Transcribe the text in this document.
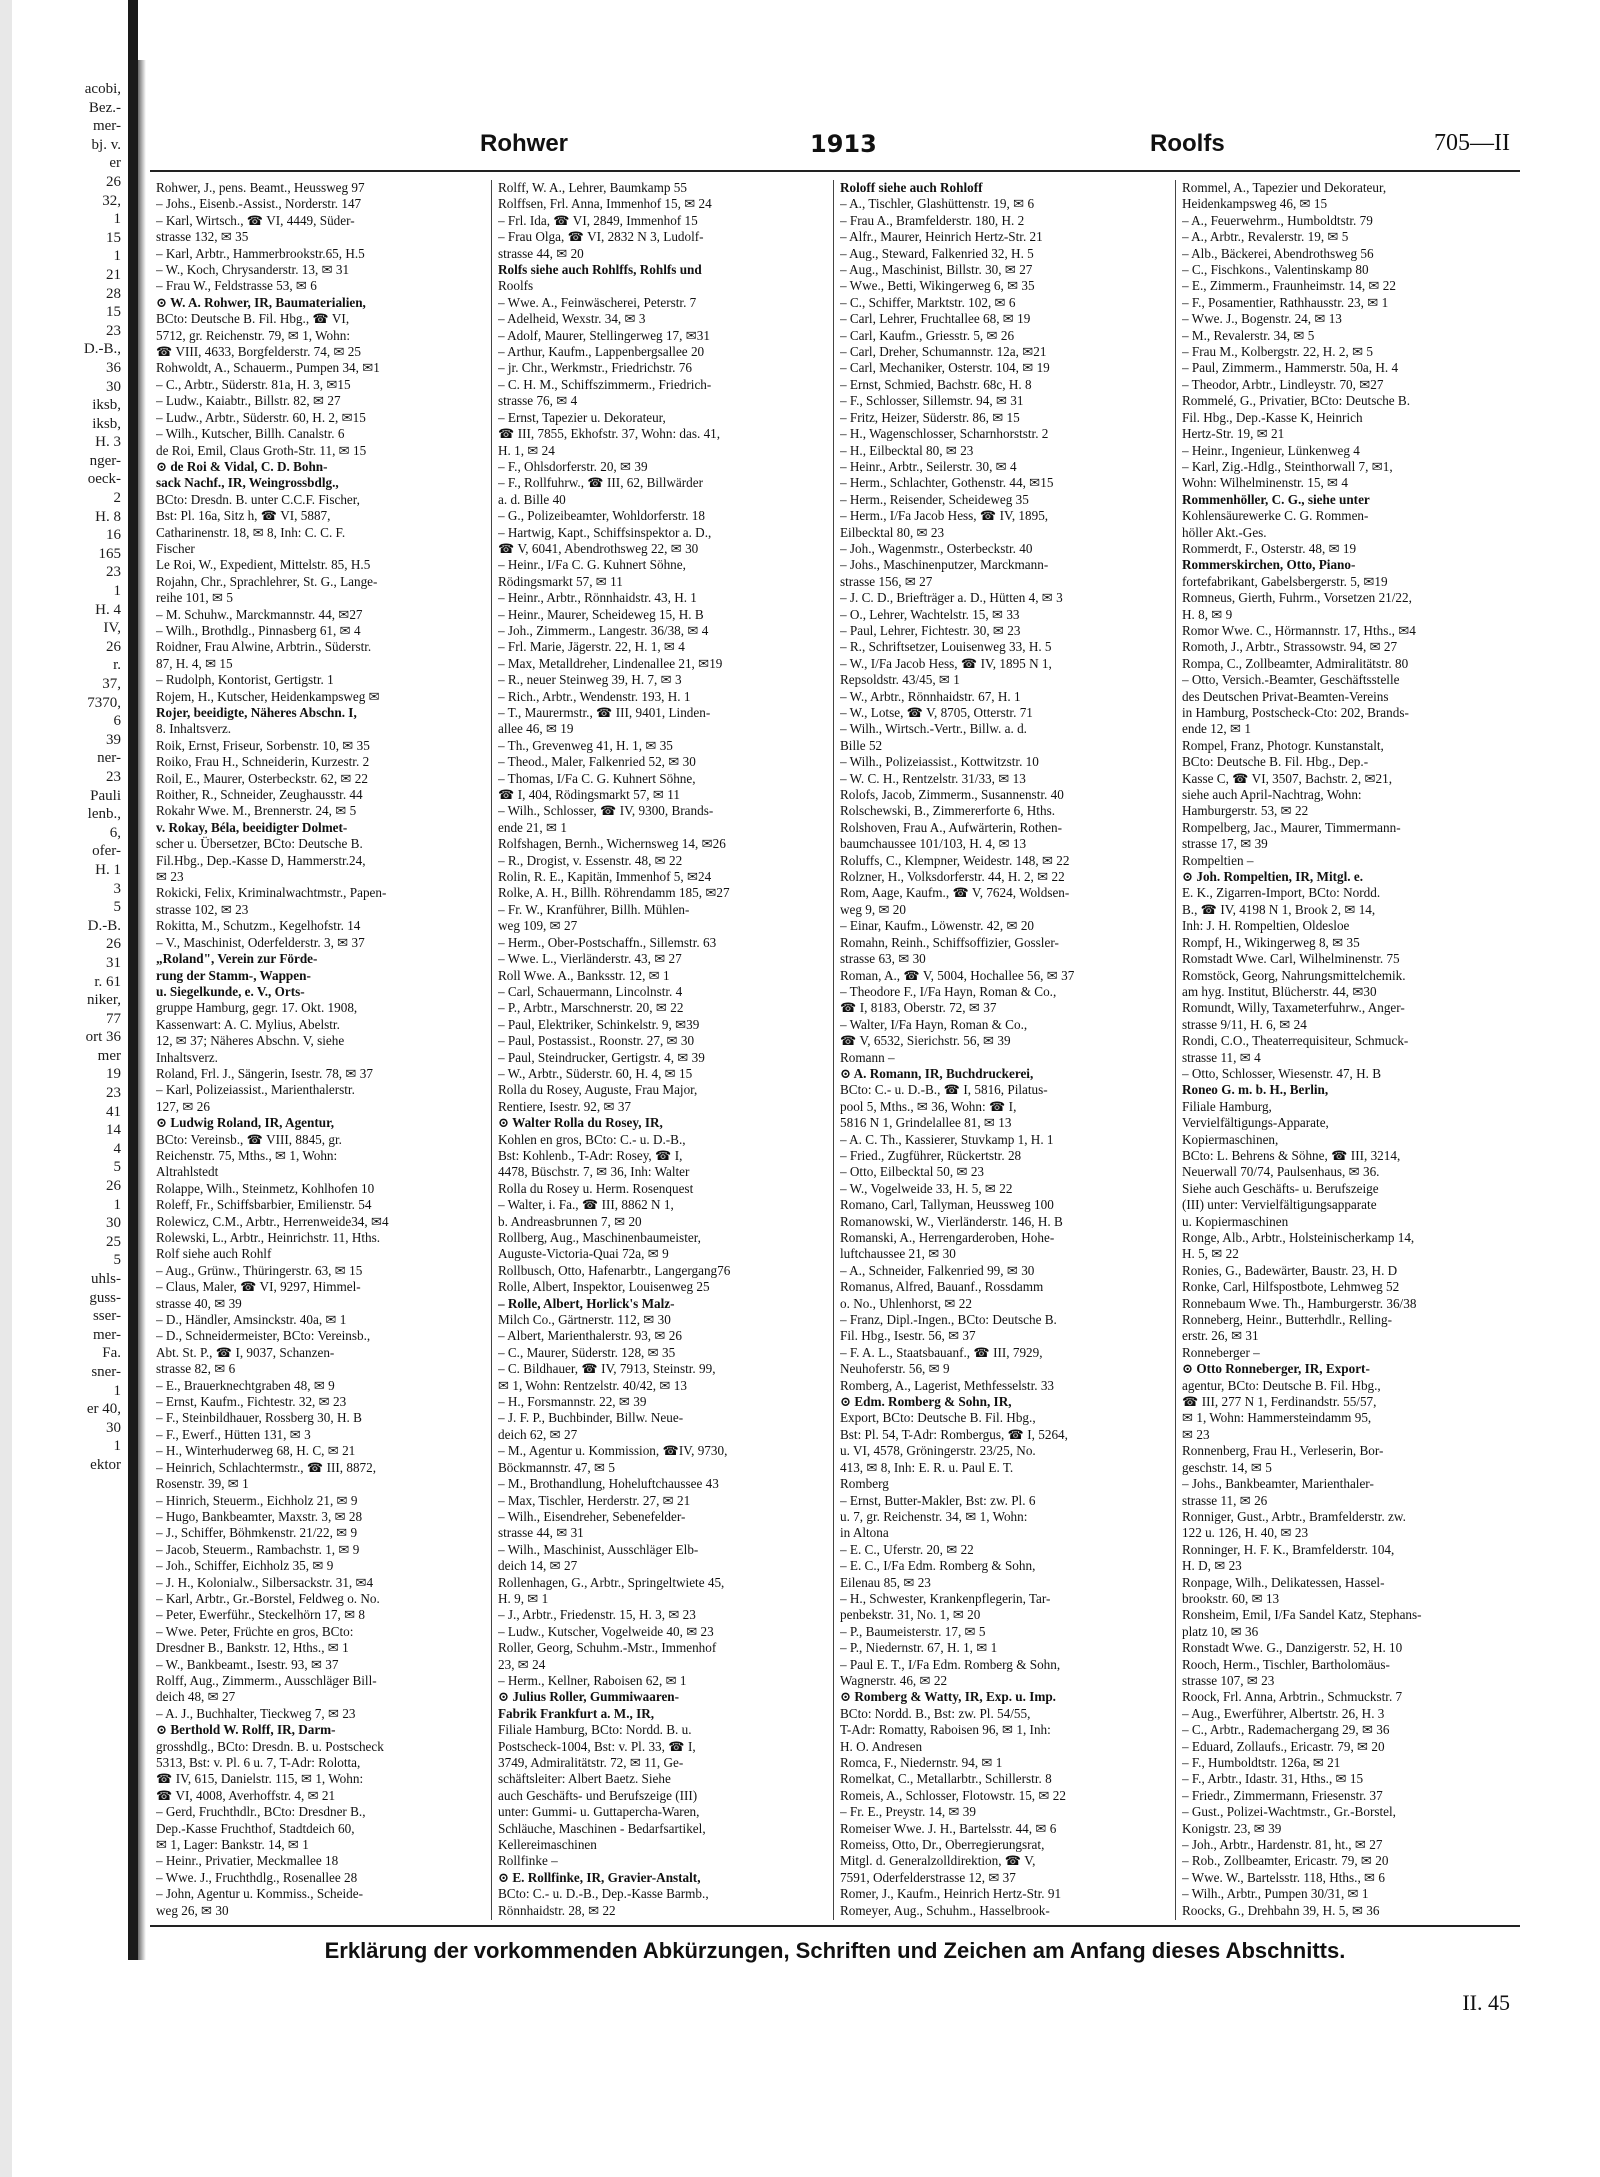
acobi,
Bez.-
mer-
bj. v.
er
26
32,
1
15
1
21
28
15
23
D.-B.,
36
30
iksb,
iksb,
H. 3
nger-
oeck-
2
H. 8
16
165
23
1
H. 4
IV,
26
r.
37,
7370,
6
39
ner-
23
Pauli
lenb.,
6,
ofer-
H. 1
3
5
D.-B.
26
31
r. 61
niker,
77
ort 36
mer
19
23
41
14
4
5
26
1
30
25
5
uhls-
guss-
sser-
mer-
Fa.
sner-
1
er 40,
30
1
ektor
Rohwer	1913	Roolfs	705—II

Rohwer, J., pens. Beamt., Heussweg 97

– Johs., Eisenb.-Assist., Norderstr. 147

– Karl, Wirtsch., ☎ VI, 4449, Süder-

strasse 132, ✉ 35

– Karl, Arbtr., Hammerbrookstr.65, H.5

– W., Koch, Chrysanderstr. 13, ✉ 31

– Frau W., Feldstrasse 53, ✉ 6

⊙ W. A. Rohwer, IR, Baumaterialien,

BCto: Deutsche B. Fil. Hbg., ☎ VI,

5712, gr. Reichenstr. 79, ✉ 1, Wohn:

☎ VIII, 4633, Borgfelderstr. 74, ✉ 25

Rohwoldt, A., Schauerm., Pumpen 34, ✉1

– C., Arbtr., Süderstr. 81a, H. 3, ✉15

– Ludw., Kaiabtr., Billstr. 82, ✉ 27

– Ludw., Arbtr., Süderstr. 60, H. 2, ✉15

– Wilh., Kutscher, Billh. Canalstr. 6

de Roi, Emil, Claus Groth-Str. 11, ✉ 15

⊙ de Roi & Vidal, C. D. Bohn-

sack Nachf., IR, Weingrossbdlg.,

BCto: Dresdn. B. unter C.C.F. Fischer,

Bst: Pl. 16a, Sitz h, ☎ VI, 5887,

Catharinenstr. 18, ✉ 8, Inh: C. C. F.

Fischer

Le Roi, W., Expedient, Mittelstr. 85, H.5

Rojahn, Chr., Sprachlehrer, St. G., Lange-

reihe 101, ✉ 5

– M. Schuhw., Marckmannstr. 44, ✉27

– Wilh., Brothdlg., Pinnasberg 61, ✉ 4

Roidner, Frau Alwine, Arbtrin., Süderstr.

87, H. 4, ✉ 15

– Rudolph, Kontorist, Gertigstr. 1

Rojem, H., Kutscher, Heidenkampsweg ✉

Rojer, beeidigte, Näheres Abschn. I,

8. Inhaltsverz.

Roik, Ernst, Friseur, Sorbenstr. 10, ✉ 35

Roiko, Frau H., Schneiderin, Kurzestr. 2

Roil, E., Maurer, Osterbeckstr. 62, ✉ 22

Roither, R., Schneider, Zeughausstr. 44

Rokahr Wwe. M., Brennerstr. 24, ✉ 5

v. Rokay, Béla, beeidigter Dolmet-

scher u. Übersetzer, BCto: Deutsche B.

Fil.Hbg., Dep.-Kasse D, Hammerstr.24,

✉ 23

Rokicki, Felix, Kriminalwachtmstr., Papen-

strasse 102, ✉ 23

Rokitta, M., Schutzm., Kegelhofstr. 14

– V., Maschinist, Oderfelderstr. 3, ✉ 37

„Roland", Verein zur Förde-

rung der Stamm-, Wappen-

u. Siegelkunde, e. V., Orts-

gruppe Hamburg, gegr. 17. Okt. 1908,

Kassenwart: A. C. Mylius, Abelstr.

12, ✉ 37; Näheres Abschn. V, siehe

Inhaltsverz.

Roland, Frl. J., Sängerin, Isestr. 78, ✉ 37

– Karl, Polizeiassist., Marienthalerstr.

127, ✉ 26

⊙ Ludwig Roland, IR, Agentur,

BCto: Vereinsb., ☎ VIII, 8845, gr.

Reichenstr. 75, Mths., ✉ 1, Wohn:

Altrahlstedt

Rolappe, Wilh., Steinmetz, Kohlhofen 10

Roleff, Fr., Schiffsbarbier, Emilienstr. 54

Rolewicz, C.M., Arbtr., Herrenweide34, ✉4

Rolewski, L., Arbtr., Heinrichstr. 11, Hths.

Rolf siehe auch Rohlf

– Aug., Grünw., Thüringerstr. 63, ✉ 15

– Claus, Maler, ☎ VI, 9297, Himmel-

strasse 40, ✉ 39

– D., Händler, Amsinckstr. 40a, ✉ 1

– D., Schneidermeister, BCto: Vereinsb.,

Abt. St. P., ☎ I, 9037, Schanzen-

strasse 82, ✉ 6

– E., Brauerknechtgraben 48, ✉ 9

– Ernst, Kaufm., Fichtestr. 32, ✉ 23

– F., Steinbildhauer, Rossberg 30, H. B

– F., Ewerf., Hütten 131, ✉ 3

– H., Winterhuderweg 68, H. C, ✉ 21

– Heinrich, Schlachtermstr., ☎ III, 8872,

Rosenstr. 39, ✉ 1

– Hinrich, Steuerm., Eichholz 21, ✉ 9

– Hugo, Bankbeamter, Maxstr. 3, ✉ 28

– J., Schiffer, Böhmkenstr. 21/22, ✉ 9

– Jacob, Steuerm., Rambachstr. 1, ✉ 9

– Joh., Schiffer, Eichholz 35, ✉ 9

– J. H., Kolonialw., Silbersackstr. 31, ✉4

– Karl, Arbtr., Gr.-Borstel, Feldweg o. No.

– Peter, Ewerführ., Steckelhörn 17, ✉ 8

– Wwe. Peter, Früchte en gros, BCto:

Dresdner B., Bankstr. 12, Hths., ✉ 1

– W., Bankbeamt., Isestr. 93, ✉ 37

Rolff, Aug., Zimmerm., Ausschläger Bill-

deich 48, ✉ 27

– A. J., Buchhalter, Tieckweg 7, ✉ 23

⊙ Berthold W. Rolff, IR, Darm-

grosshdlg., BCto: Dresdn. B. u. Postscheck

5313, Bst: v. Pl. 6 u. 7, T-Adr: Rolotta,

☎ IV, 615, Danielstr. 115, ✉ 1, Wohn:

☎ VI, 4008, Averhoffstr. 4, ✉ 21

– Gerd, Fruchthdlr., BCto: Dresdner B.,

Dep.-Kasse Fruchthof, Stadtdeich 60,

✉ 1, Lager: Bankstr. 14, ✉ 1

– Heinr., Privatier, Meckmallee 18

– Wwe. J., Fruchthdlg., Rosenallee 28

– John, Agentur u. Kommiss., Scheide-

weg 26, ✉ 30

Rolff, W. A., Lehrer, Baumkamp 55

Rolffsen, Frl. Anna, Immenhof 15, ✉ 24

– Frl. Ida, ☎ VI, 2849, Immenhof 15

– Frau Olga, ☎ VI, 2832 N 3, Ludolf-

strasse 44, ✉ 20

Rolfs siehe auch Rohlffs, Rohlfs und

Roolfs

– Wwe. A., Feinwäscherei, Peterstr. 7

– Adelheid, Wexstr. 34, ✉ 3

– Adolf, Maurer, Stellingerweg 17, ✉31

– Arthur, Kaufm., Lappenbergsallee 20

– jr. Chr., Werkmstr., Friedrichstr. 76

– C. H. M., Schiffszimmerm., Friedrich-

strasse 76, ✉ 4

– Ernst, Tapezier u. Dekorateur,

☎ III, 7855, Ekhofstr. 37, Wohn: das. 41,

H. 1, ✉ 24

– F., Ohlsdorferstr. 20, ✉ 39

– F., Rollfuhrw., ☎ III, 62, Billwärder

a. d. Bille 40

– G., Polizeibeamter, Wohldorferstr. 18

– Hartwig, Kapt., Schiffsinspektor a. D.,

☎ V, 6041, Abendrothsweg 22, ✉ 30

– Heinr., I/Fa C. G. Kuhnert Söhne,

Rödingsmarkt 57, ✉ 11

– Heinr., Arbtr., Rönnhaidstr. 43, H. 1

– Heinr., Maurer, Scheideweg 15, H. B

– Joh., Zimmerm., Langestr. 36/38, ✉ 4

– Frl. Marie, Jägerstr. 22, H. 1, ✉ 4

– Max, Metalldreher, Lindenallee 21, ✉19

– R., neuer Steinweg 39, H. 7, ✉ 3

– Rich., Arbtr., Wendenstr. 193, H. 1

– T., Maurermstr., ☎ III, 9401, Linden-

allee 46, ✉ 19

– Th., Grevenweg 41, H. 1, ✉ 35

– Theod., Maler, Falkenried 52, ✉ 30

– Thomas, I/Fa C. G. Kuhnert Söhne,

☎ I, 404, Rödingsmarkt 57, ✉ 11

– Wilh., Schlosser, ☎ IV, 9300, Brands-

ende 21, ✉ 1

Rolfshagen, Bernh., Wichernsweg 14, ✉26

– R., Drogist, v. Essenstr. 48, ✉ 22

Rolin, R. E., Kapitän, Immenhof 5, ✉24

Rolke, A. H., Billh. Röhrendamm 185, ✉27

– Fr. W., Kranführer, Billh. Mühlen-

weg 109, ✉ 27

– Herm., Ober-Postschaffn., Sillemstr. 63

– Wwe. L., Vierländerstr. 43, ✉ 27

Roll Wwe. A., Banksstr. 12, ✉ 1

– Carl, Schauermann, Lincolnstr. 4

– P., Arbtr., Marschnerstr. 20, ✉ 22

– Paul, Elektriker, Schinkelstr. 9, ✉39

– Paul, Postassist., Roonstr. 27, ✉ 30

– Paul, Steindrucker, Gertigstr. 4, ✉ 39

– W., Arbtr., Süderstr. 60, H. 4, ✉ 15

Rolla du Rosey, Auguste, Frau Major,

Rentiere, Isestr. 92, ✉ 37

⊙ Walter Rolla du Rosey, IR,

Kohlen en gros, BCto: C.- u. D.-B.,

Bst: Kohlenb., T-Adr: Rosey, ☎ I,

4478, Büschstr. 7, ✉ 36, Inh: Walter

Rolla du Rosey u. Herm. Rosenquest

– Walter, i. Fa., ☎ III, 8862 N 1,

b. Andreasbrunnen 7, ✉ 20

Rollberg, Aug., Maschinenbaumeister,

Auguste-Victoria-Quai 72a, ✉ 9

Rollbusch, Otto, Hafenarbtr., Langergang76

Rolle, Albert, Inspektor, Louisenweg 25

– Rolle, Albert, Horlick's Malz-

Milch Co., Gärtnerstr. 112, ✉ 30

– Albert, Marienthalerstr. 93, ✉ 26

– C., Maurer, Süderstr. 128, ✉ 35

– C. Bildhauer, ☎ IV, 7913, Steinstr. 99,

✉ 1, Wohn: Rentzelstr. 40/42, ✉ 13

– H., Forsmannstr. 22, ✉ 39

– J. F. P., Buchbinder, Billw. Neue-

deich 62, ✉ 27

– M., Agentur u. Kommission, ☎IV, 9730,

Böckmannstr. 47, ✉ 5

– M., Brothandlung, Hoheluftchaussee 43

– Max, Tischler, Herderstr. 27, ✉ 21

– Wilh., Eisendreher, Sebenefelder-

strasse 44, ✉ 31

– Wilh., Maschinist, Ausschläger Elb-

deich 14, ✉ 27

Rollenhagen, G., Arbtr., Springeltwiete 45,

H. 9, ✉ 1

– J., Arbtr., Friedenstr. 15, H. 3, ✉ 23

– Ludw., Kutscher, Vogelweide 40, ✉ 23

Roller, Georg, Schuhm.-Mstr., Immenhof

23, ✉ 24

– Herm., Kellner, Raboisen 62, ✉ 1

⊙ Julius Roller, Gummiwaaren-

Fabrik Frankfurt a. M., IR,

Filiale Hamburg, BCto: Nordd. B. u.

Postscheck-1004, Bst: v. Pl. 33, ☎ I,

3749, Admiralitätstr. 72, ✉ 11, Ge-

schäftsleiter: Albert Baetz. Siehe

auch Geschäfts- und Berufszeige (III)

unter: Gummi- u. Guttapercha-Waren,

Schläuche, Maschinen - Bedarfsartikel,

Kellereimaschinen

Rollfinke –

⊙ E. Rollfinke, IR, Gravier-Anstalt,

BCto: C.- u. D.-B., Dep.-Kasse Barmb.,

Rönnhaidstr. 28, ✉ 22

Roloff siehe auch Rohloff

– A., Tischler, Glashüttenstr. 19, ✉ 6

– Frau A., Bramfelderstr. 180, H. 2

– Alfr., Maurer, Heinrich Hertz-Str. 21

– Aug., Steward, Falkenried 32, H. 5

– Aug., Maschinist, Billstr. 30, ✉ 27

– Wwe., Betti, Wikingerweg 6, ✉ 35

– C., Schiffer, Marktstr. 102, ✉ 6

– Carl, Lehrer, Fruchtallee 68, ✉ 19

– Carl, Kaufm., Griesstr. 5, ✉ 26

– Carl, Dreher, Schumannstr. 12a, ✉21

– Carl, Mechaniker, Osterstr. 104, ✉ 19

– Ernst, Schmied, Bachstr. 68c, H. 8

– F., Schlosser, Sillemstr. 94, ✉ 31

– Fritz, Heizer, Süderstr. 86, ✉ 15

– H., Wagenschlosser, Scharnhorststr. 2

– H., Eilbecktal 80, ✉ 23

– Heinr., Arbtr., Seilerstr. 30, ✉ 4

– Herm., Schlachter, Gothenstr. 44, ✉15

– Herm., Reisender, Scheideweg 35

– Herm., I/Fa Jacob Hess, ☎ IV, 1895,

Eilbecktal 80, ✉ 23

– Joh., Wagenmstr., Osterbeckstr. 40

– Johs., Maschinenputzer, Marckmann-

strasse 156, ✉ 27

– J. C. D., Briefträger a. D., Hütten 4, ✉ 3

– O., Lehrer, Wachtelstr. 15, ✉ 33

– Paul, Lehrer, Fichtestr. 30, ✉ 23

– R., Schriftsetzer, Louisenweg 33, H. 5

– W., I/Fa Jacob Hess, ☎ IV, 1895 N 1,

Repsoldstr. 43/45, ✉ 1

– W., Arbtr., Rönnhaidstr. 67, H. 1

– W., Lotse, ☎ V, 8705, Otterstr. 71

– Wilh., Wirtsch.-Vertr., Billw. a. d.

Bille 52

– Wilh., Polizeiassist., Kottwitzstr. 10

– W. C. H., Rentzelstr. 31/33, ✉ 13

Rolofs, Jacob, Zimmerm., Susannenstr. 40

Rolschewski, B., Zimmererforte 6, Hths.

Rolshoven, Frau A., Aufwärterin, Rothen-

baumchaussee 101/103, H. 4, ✉ 13

Roluffs, C., Klempner, Weidestr. 148, ✉ 22

Rolzner, H., Volksdorferstr. 44, H. 2, ✉ 22

Rom, Aage, Kaufm., ☎ V, 7624, Woldsen-

weg 9, ✉ 20

– Einar, Kaufm., Löwenstr. 42, ✉ 20

Romahn, Reinh., Schiffsoffizier, Gossler-

strasse 63, ✉ 30

Roman, A., ☎ V, 5004, Hochallee 56, ✉ 37

– Theodore F., I/Fa Hayn, Roman & Co.,

☎ I, 8183, Oberstr. 72, ✉ 37

– Walter, I/Fa Hayn, Roman & Co.,

☎ V, 6532, Sierichstr. 56, ✉ 39

Romann –

⊙ A. Romann, IR, Buchdruckerei,

BCto: C.- u. D.-B., ☎ I, 5816, Pilatus-

pool 5, Mths., ✉ 36, Wohn: ☎ I,

5816 N 1, Grindelallee 81, ✉ 13

– A. C. Th., Kassierer, Stuvkamp 1, H. 1

– Fried., Zugführer, Rückertstr. 28

– Otto, Eilbecktal 50, ✉ 23

– W., Vogelweide 33, H. 5, ✉ 22

Romano, Carl, Tallyman, Heussweg 100

Romanowski, W., Vierländerstr. 146, H. B

Romanski, A., Herrengarderoben, Hohe-

luftchaussee 21, ✉ 30

– A., Schneider, Falkenried 99, ✉ 30

Romanus, Alfred, Bauanf., Rossdamm

o. No., Uhlenhorst, ✉ 22

– Franz, Dipl.-Ingen., BCto: Deutsche B.

Fil. Hbg., Isestr. 56, ✉ 37

– F. A. L., Staatsbauanf., ☎ III, 7929,

Neuhoferstr. 56, ✉ 9

Romberg, A., Lagerist, Methfesselstr. 33

⊙ Edm. Romberg & Sohn, IR,

Export, BCto: Deutsche B. Fil. Hbg.,

Bst: Pl. 54, T-Adr: Rombergus, ☎ I, 5264,

u. VI, 4578, Gröningerstr. 23/25, No.

413, ✉ 8, Inh: E. R. u. Paul E. T.

Romberg

– Ernst, Butter-Makler, Bst: zw. Pl. 6

u. 7, gr. Reichenstr. 34, ✉ 1, Wohn:

in Altona

– E. C., Uferstr. 20, ✉ 22

– E. C., I/Fa Edm. Romberg & Sohn,

Eilenau 85, ✉ 23

– H., Schwester, Krankenpflegerin, Tar-

penbekstr. 31, No. 1, ✉ 20

– P., Baumeisterstr. 17, ✉ 5

– P., Niedernstr. 67, H. 1, ✉ 1

– Paul E. T., I/Fa Edm. Romberg & Sohn,

Wagnerstr. 46, ✉ 22

⊙ Romberg & Watty, IR, Exp. u. Imp.

BCto: Nordd. B., Bst: zw. Pl. 54/55,

T-Adr: Romatty, Raboisen 96, ✉ 1, Inh:

H. O. Andresen

Romca, F., Niedernstr. 94, ✉ 1

Romelkat, C., Metallarbtr., Schillerstr. 8

Romeis, A., Schlosser, Flotowstr. 15, ✉ 22

– Fr. E., Preystr. 14, ✉ 39

Romeiser Wwe. J. H., Bartelsstr. 44, ✉ 6

Romeiss, Otto, Dr., Oberregierungsrat,

Mitgl. d. Generalzolldirektion, ☎ V,

7591, Oderfelderstrasse 12, ✉ 37

Romer, J., Kaufm., Heinrich Hertz-Str. 91

Romeyer, Aug., Schuhm., Hasselbrook-

Rommel, A., Tapezier und Dekorateur,

Heidenkampsweg 46, ✉ 15

– A., Feuerwehrm., Humboldtstr. 79

– A., Arbtr., Revalerstr. 19, ✉ 5

– Alb., Bäckerei, Abendrothsweg 56

– C., Fischkons., Valentinskamp 80

– E., Zimmerm., Fraunheimstr. 14, ✉ 22

– F., Posamentier, Rathhausstr. 23, ✉ 1

– Wwe. J., Bogenstr. 24, ✉ 13

– M., Revalerstr. 34, ✉ 5

– Frau M., Kolbergstr. 22, H. 2, ✉ 5

– Paul, Zimmerm., Hammerstr. 50a, H. 4

– Theodor, Arbtr., Lindleystr. 70, ✉27

Rommelé, G., Privatier, BCto: Deutsche B.

Fil. Hbg., Dep.-Kasse K, Heinrich

Hertz-Str. 19, ✉ 21

– Heinr., Ingenieur, Lünkenweg 4

– Karl, Zig.-Hdlg., Steinthorwall 7, ✉1,

Wohn: Wilhelminenstr. 15, ✉ 4

Rommenhöller, C. G., siehe unter

Kohlensäurewerke C. G. Rommen-

höller Akt.-Ges.

Rommerdt, F., Osterstr. 48, ✉ 19

Rommerskirchen, Otto, Piano-

fortefabrikant, Gabelsbergerstr. 5, ✉19

Romneus, Gierth, Fuhrm., Vorsetzen 21/22,

H. 8, ✉ 9

Romor Wwe. C., Hörmannstr. 17, Hths., ✉4

Romoth, J., Arbtr., Strassowstr. 94, ✉ 27

Rompa, C., Zollbeamter, Admiralitätstr. 80

– Otto, Versich.-Beamter, Geschäftsstelle

des Deutschen Privat-Beamten-Vereins

in Hamburg, Postscheck-Cto: 202, Brands-

ende 12, ✉ 1

Rompel, Franz, Photogr. Kunstanstalt,

BCto: Deutsche B. Fil. Hbg., Dep.-

Kasse C, ☎ VI, 3507, Bachstr. 2, ✉21,

siehe auch April-Nachtrag, Wohn:

Hamburgerstr. 53, ✉ 22

Rompelberg, Jac., Maurer, Timmermann-

strasse 17, ✉ 39

Rompeltien –

⊙ Joh. Rompeltien, IR, Mitgl. e.

E. K., Zigarren-Import, BCto: Nordd.

B., ☎ IV, 4198 N 1, Brook 2, ✉ 14,

Inh: J. H. Rompeltien, Oldesloe

Rompf, H., Wikingerweg 8, ✉ 35

Romstadt Wwe. Carl, Wilhelminenstr. 75

Romstöck, Georg, Nahrungsmittelchemik.

am hyg. Institut, Blücherstr. 44, ✉30

Romundt, Willy, Taxameterfuhrw., Anger-

strasse 9/11, H. 6, ✉ 24

Rondi, C.O., Theaterrequisiteur, Schmuck-

strasse 11, ✉ 4

– Otto, Schlosser, Wiesenstr. 47, H. B

Roneo G. m. b. H., Berlin,

Filiale Hamburg,

Vervielfältigungs-Apparate,

Kopiermaschinen,

BCto: L. Behrens & Söhne, ☎ III, 3214,

Neuerwall 70/74, Paulsenhaus, ✉ 36.

Siehe auch Geschäfts- u. Berufszeige

(III) unter: Vervielfältigungsapparate

u. Kopiermaschinen

Ronge, Alb., Arbtr., Holsteinischerkamp 14,

H. 5, ✉ 22

Ronies, G., Badewärter, Baustr. 23, H. D

Ronke, Carl, Hilfspostbote, Lehmweg 52

Ronnebaum Wwe. Th., Hamburgerstr. 36/38

Ronneberg, Heinr., Butterhdlr., Relling-

erstr. 26, ✉ 31

Ronneberger –

⊙ Otto Ronneberger, IR, Export-

agentur, BCto: Deutsche B. Fil. Hbg.,

☎ III, 277 N 1, Ferdinandstr. 55/57,

✉ 1, Wohn: Hammersteindamm 95,

✉ 23

Ronnenberg, Frau H., Verleserin, Bor-

geschstr. 14, ✉ 5

– Johs., Bankbeamter, Marienthaler-

strasse 11, ✉ 26

Ronniger, Gust., Arbtr., Bramfelderstr. zw.

122 u. 126, H. 40, ✉ 23

Ronninger, H. F. K., Bramfelderstr. 104,

H. D, ✉ 23

Ronpage, Wilh., Delikatessen, Hassel-

brookstr. 60, ✉ 13

Ronsheim, Emil, I/Fa Sandel Katz, Stephans-

platz 10, ✉ 36

Ronstadt Wwe. G., Danzigerstr. 52, H. 10

Rooch, Herm., Tischler, Bartholomäus-

strasse 107, ✉ 23

Roock, Frl. Anna, Arbtrin., Schmuckstr. 7

– Aug., Ewerführer, Albertstr. 26, H. 3

– C., Arbtr., Rademachergang 29, ✉ 36

– Eduard, Zollaufs., Ericastr. 79, ✉ 20

– F., Humboldtstr. 126a, ✉ 21

– F., Arbtr., Idastr. 31, Hths., ✉ 15

– Friedr., Zimmermann, Friesenstr. 37

– Gust., Polizei-Wachtmstr., Gr.-Borstel,

Konigstr. 23, ✉ 39

– Joh., Arbtr., Hardenstr. 81, ht., ✉ 27

– Rob., Zollbeamter, Ericastr. 79, ✉ 20

– Wwe. W., Bartelsstr. 118, Hths., ✉ 6

– Wilh., Arbtr., Pumpen 30/31, ✉ 1

Roocks, G., Drehbahn 39, H. 5, ✉ 36

Erklärung der vorkommenden Abkürzungen, Schriften und Zeichen am Anfang dieses Abschnitts.
II. 45
